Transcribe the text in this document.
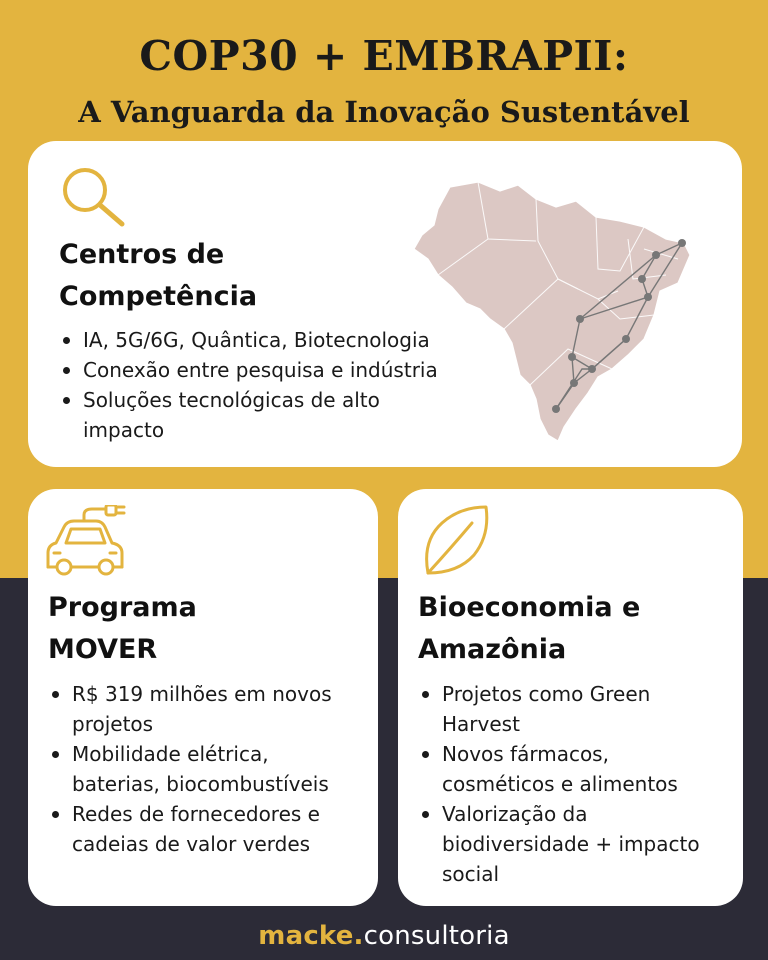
COP30 + EMBRAPII:
A Vanguarda da Inovação Sustentável
Centros de
Competência
IA, 5G/6G, Quântica, Biotecnologia
Conexão entre pesquisa e indústria
Soluções tecnológicas de alto impacto
Programa
MOVER
R$ 319 milhões em novos projetos
Mobilidade elétrica, baterias, biocombustíveis
Redes de fornecedores e cadeias de valor verdes
Bioeconomia e
Amazônia
Projetos como Green Harvest
Novos fármacos, cosméticos e alimentos
Valorização da biodiversidade + impacto social
macke.consultoria
